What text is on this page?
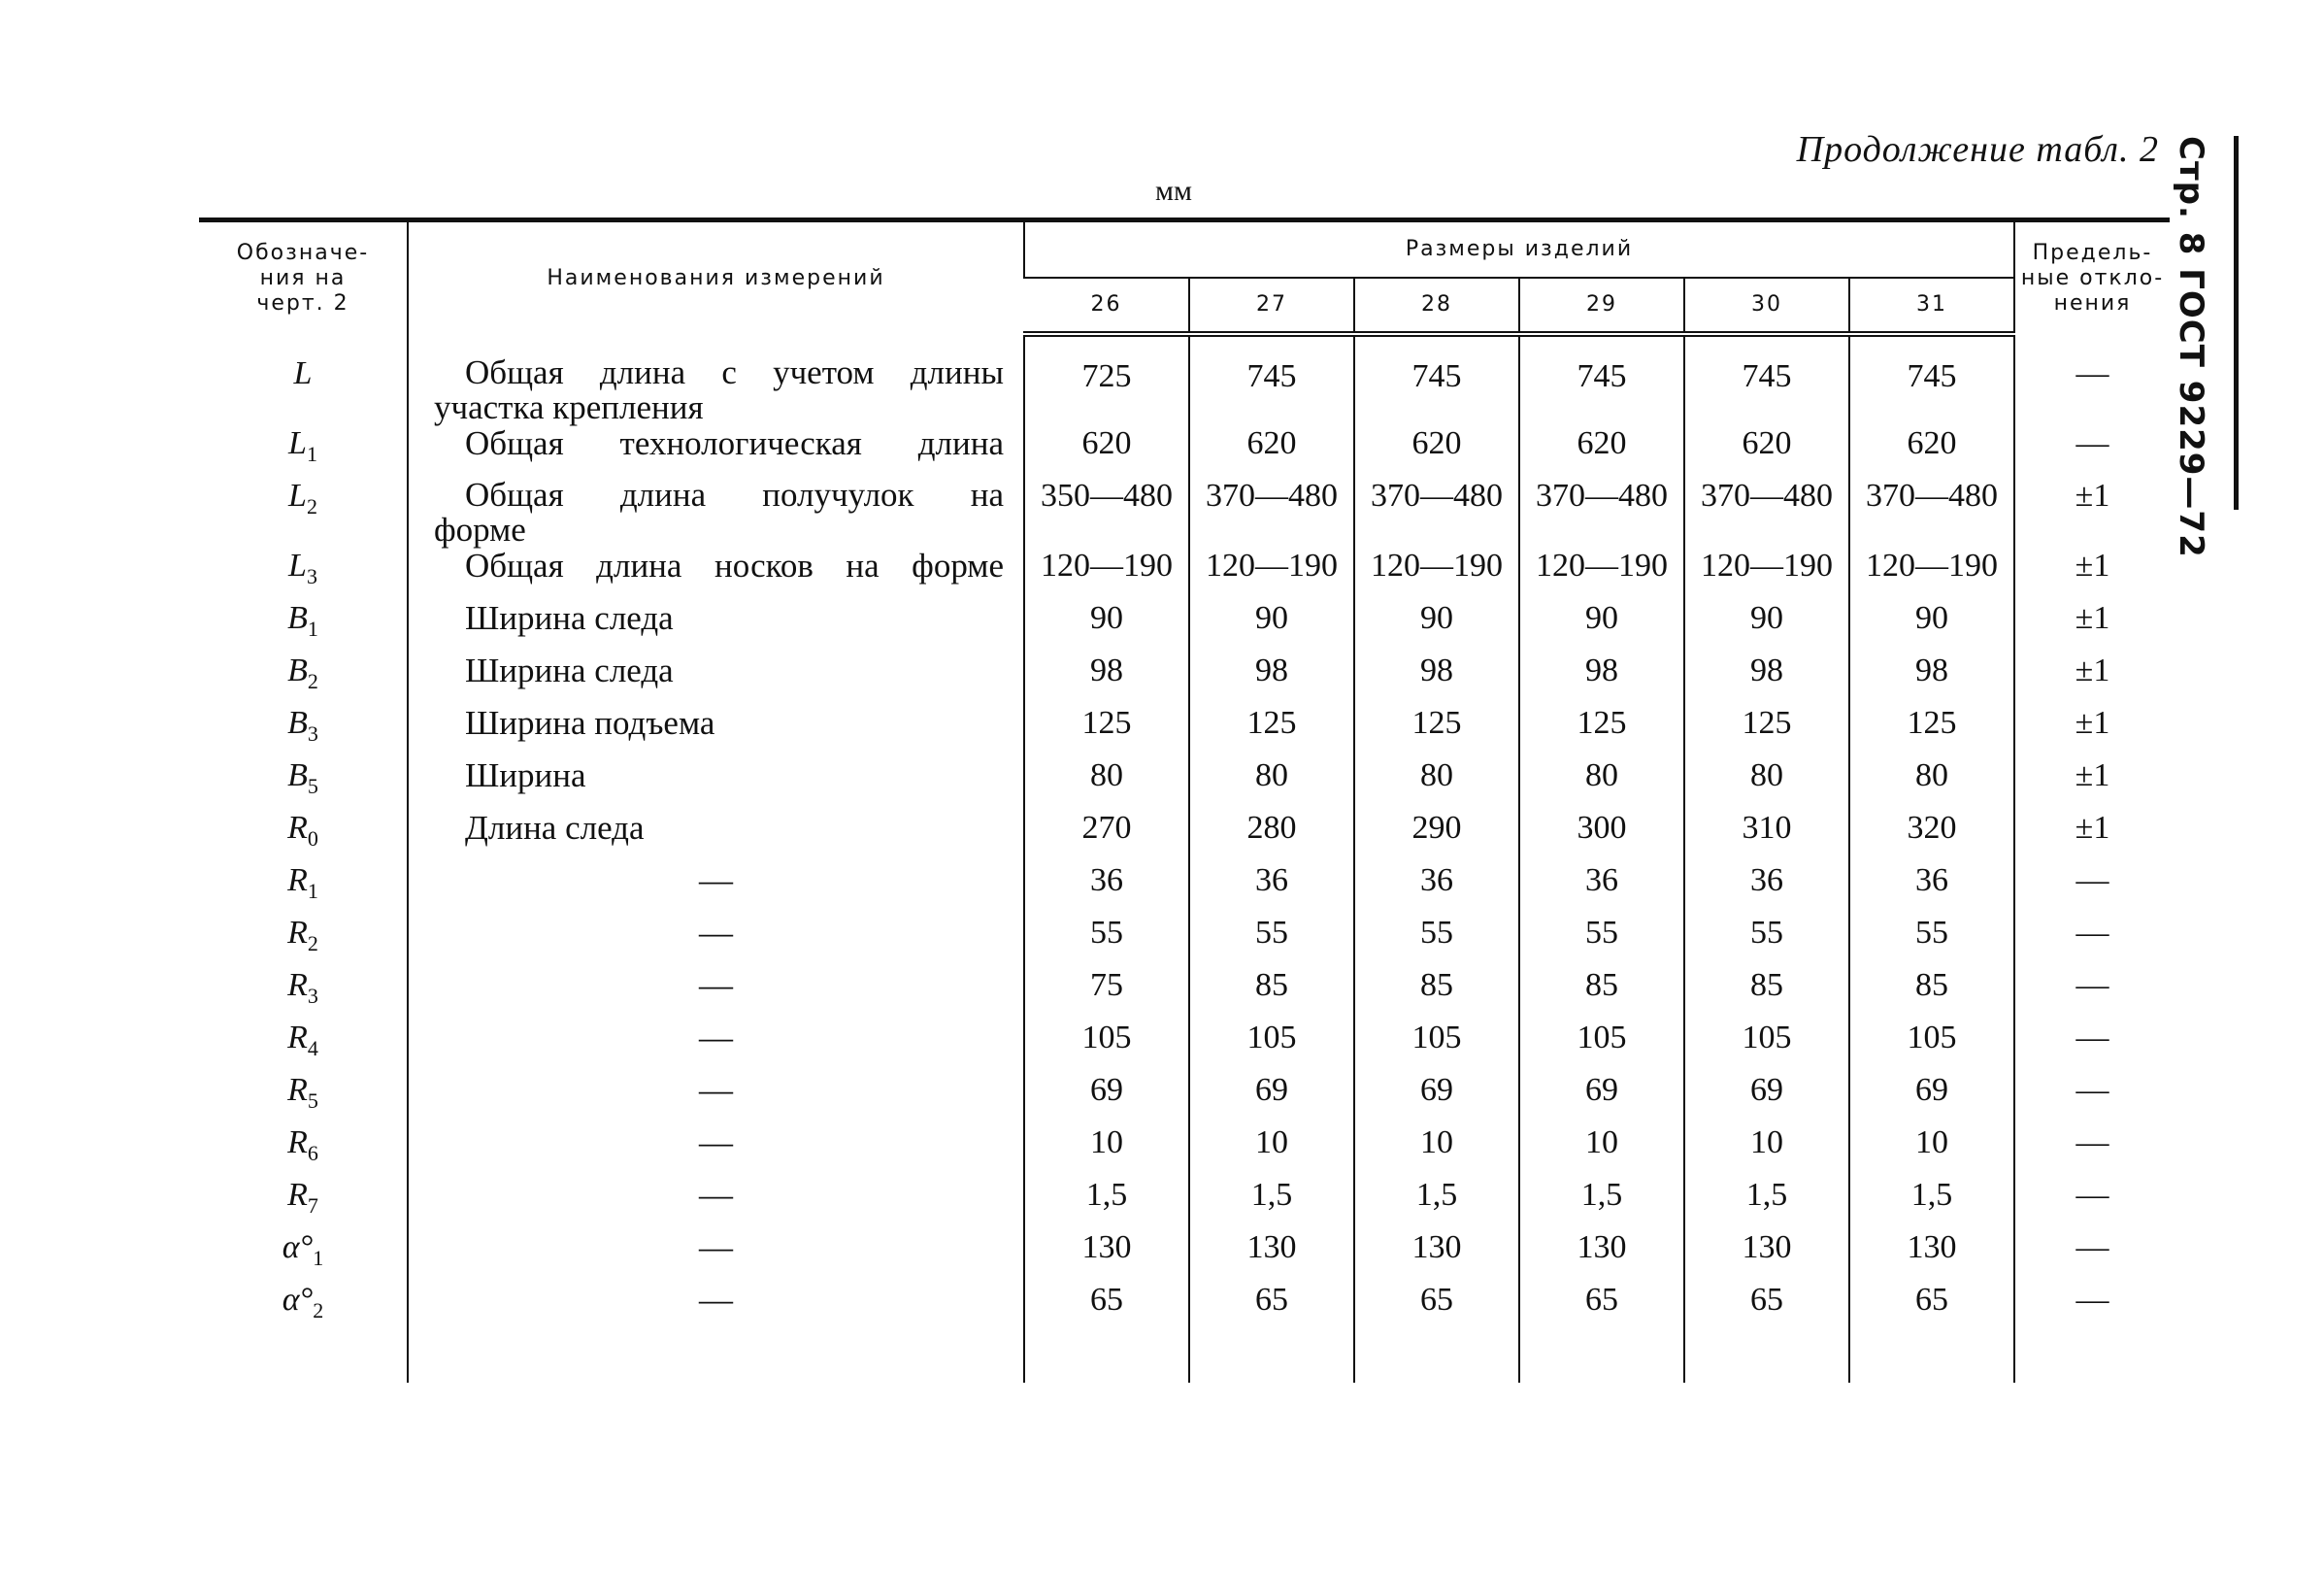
Продолжение табл. 2
мм	Стр. 8 ГОСТ 9229—72
Обозначе-
ния на
черт. 2	Наименования измерений	Размеры изделий						Предель-
ные откло-
нения
		26	27	28	29	30	31	
L	Общая длина с учетом длины
участка крепления	725	745	745	745	745	745	—
$L_1$	Общая технологическая длина	620	620	620	620	620	620	—
$L_2$	Общая длина получулок на
форме	350—480	370—480	370—480	370—480	370—480	370—480	±1
$L_3$	Общая длина носков на форме	120—190	120—190	120—190	120—190	120—190	120—190	±1
$B_1$	Ширина следа	90	90	90	90	90	90	±1
$B_2$	Ширина следа	98	98	98	98	98	98	±1
$B_3$	Ширина подъема	125	125	125	125	125	125	±1
$B_5$	Ширина	80	80	80	80	80	80	±1
$R_0$	Длина следа	270	280	290	300	310	320	±1
$R_1$	—	36	36	36	36	36	36	—
$R_2$	—	55	55	55	55	55	55	—
$R_3$	—	75	85	85	85	85	85	—
$R_4$	—	105	105	105	105	105	105	—
$R_5$	—	69	69	69	69	69	69	—
$R_6$	—	10	10	10	10	10	10	—
$R_7$	—	1,5	1,5	1,5	1,5	1,5	1,5	—
$\alpha^\circ_1$	—	130	130	130	130	130	130	—
$\alpha^\circ_2$	—	65	65	65	65	65	65	—
